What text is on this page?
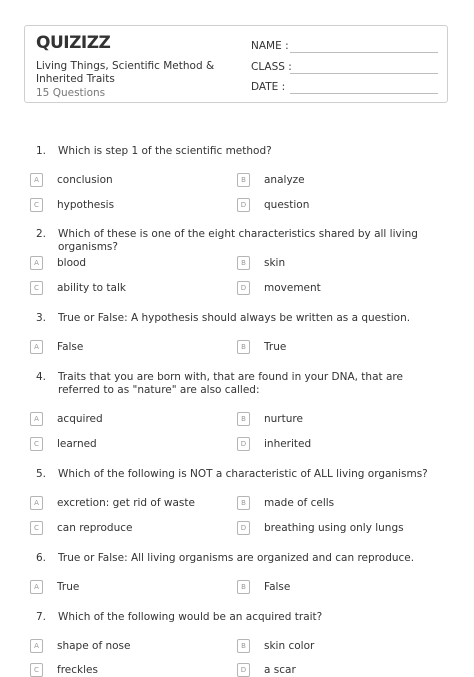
QUIZIZZ
Living Things, Scientific Method & Inherited Traits
15 Questions
NAME :
CLASS :
DATE :
1. Which is step 1 of the scientific method?
A	conclusion	B	analyze
C	hypothesis	D	question
2. Which of these is one of the eight characteristics shared by all living organisms?
A	blood	B	skin
C	ability to talk	D	movement
3. True or False: A hypothesis should always be written as a question.
A	False	B	True
4. Traits that you are born with, that are found in your DNA, that are referred to as "nature" are also called:
A	acquired	B	nurture
C	learned	D	inherited
5. Which of the following is NOT a characteristic of ALL living organisms?
A	excretion: get rid of waste	B	made of cells
C	can reproduce	D	breathing using only lungs
6. True or False: All living organisms are organized and can reproduce.
A	True	B	False
7. Which of the following would be an acquired trait?
A	shape of nose	B	skin color
C	freckles	D	a scar
